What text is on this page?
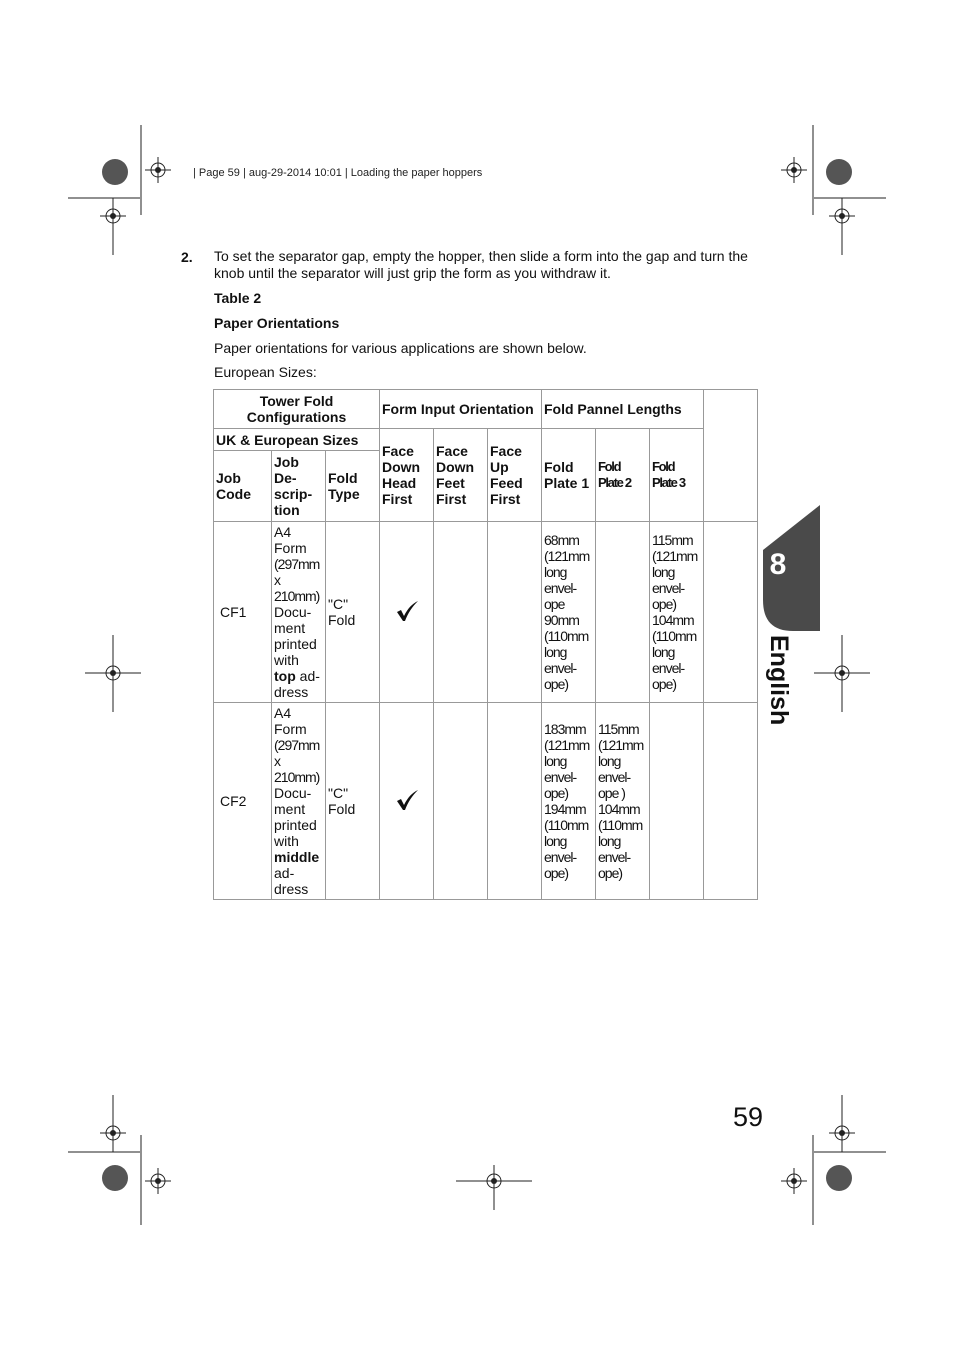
| Page 59 | aug-29-2014 10:01 | Loading the paper hoppers
2. To set the separator gap, empty the hopper, then slide a form into the gap and turn the knob until the separator will just grip the form as you withdraw it.
Table 2
Paper Orientations
Paper orientations for various applications are shown below.
European Sizes:
Tower Fold Configurations			Form Input Orientation			Fold Pannel Lengths			
UK & European Sizes			Face Down Head First	Face Down Feet First	Face Up Feed First	Fold Plate 1	Fold Plate 2	Fold Plate 3	
Job Code	Job De- scrip- tion	Fold Type							
CF1	A4 Form (297mm x 210mm) Docu- ment printed with top ad- dress	"C" Fold				68mm (121mm long envel- ope 90mm (110mm long envel- ope)		115mm (121mm long envel- ope) 104mm (110mm long envel- ope)	
CF2	A4 Form (297mm x 210mm) Docu- ment printed with middle ad- dress	"C" Fold				183mm (121mm long envel- ope) 194mm (110mm long envel- ope)	115mm (121mm long envel- ope ) 104mm (110mm long envel- ope)		
8
English
59
